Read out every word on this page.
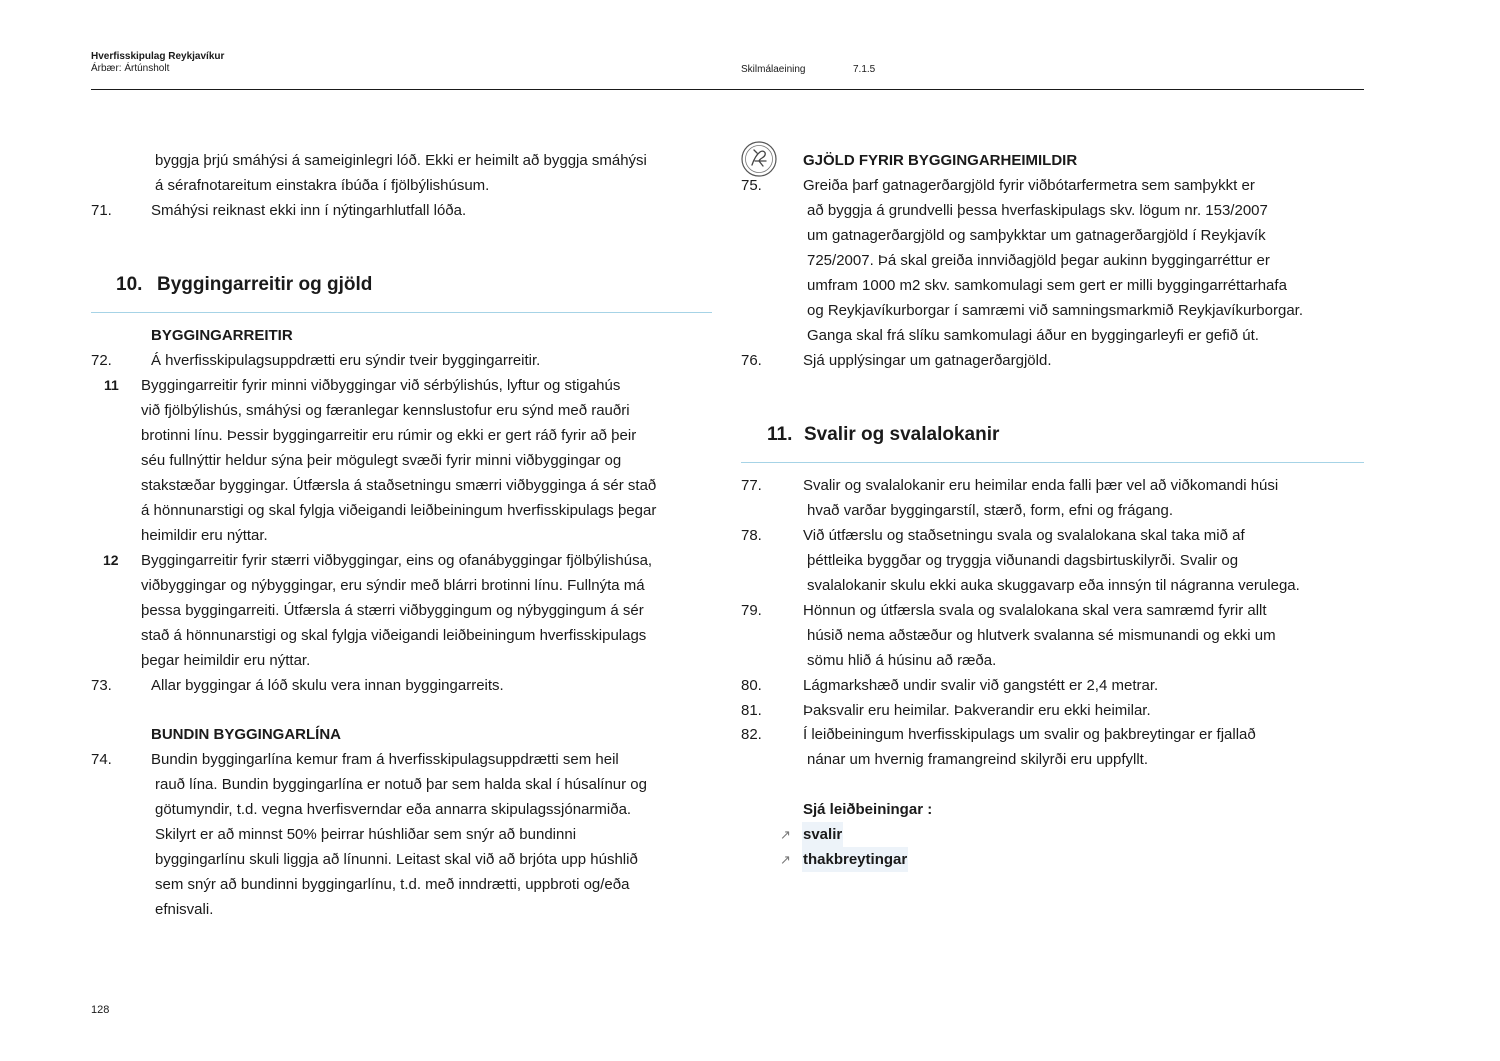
Hverfisskipulag Reykjavíkur
Árbær: Ártúnsholt	Skilmálaeining	7.1.5
byggja þrjú smáhýsi á sameiginlegri lóð. Ekki er heimilt að byggja smáhýsi
á sérafnotareitum einstakra íbúða í fjölbýlishúsum.
71.	Smáhýsi reiknast ekki inn í nýtingarhlutfall lóða.
10. Byggingarreitir og gjöld
BYGGINGARREITIR
72.	Á hverfisskipulagsuppdrætti eru sýndir tveir byggingarreitir.
11 Byggingarreitir fyrir minni viðbyggingar við sérbýlishús, lyftur og stigahús
við fjölbýlishús, smáhýsi og færanlegar kennslustofur eru sýnd með rauðri
brotinni línu. Þessir byggingarreitir eru rúmir og ekki er gert ráð fyrir að þeir
séu fullnýttir heldur sýna þeir mögulegt svæði fyrir minni viðbyggingar og
stakstæðar byggingar. Útfærsla á staðsetningu smærri viðbygginga á sér stað
á hönnunarstigi og skal fylgja viðeigandi leiðbeiningum hverfisskipulags þegar
heimildir eru nýttar.
12 Byggingarreitir fyrir stærri viðbyggingar, eins og ofanábyggingar fjölbýlishúsa,
viðbyggingar og nýbyggingar, eru sýndir með blárri brotinni línu. Fullnýta má
þessa byggingarreiti. Útfærsla á stærri viðbyggingum og nýbyggingum á sér
stað á hönnunarstigi og skal fylgja viðeigandi leiðbeiningum hverfisskipulags
þegar heimildir eru nýttar.
73.	Allar byggingar á lóð skulu vera innan byggingarreits.
BUNDIN BYGGINGARLÍNA
74.	Bundin byggingarlína kemur fram á hverfisskipulagsuppdrætti sem heil
rauð lína. Bundin byggingarlína er notuð þar sem halda skal í húsalínur og
götumyndir, t.d. vegna hverfisverndar eða annarra skipulagssjónarmiða.
Skilyrt er að minnst 50% þeirrar húshliðar sem snýr að bundinni
byggingarlínu skuli liggja að línunni. Leitast skal við að brjóta upp húshlið
sem snýr að bundinni byggingarlínu, t.d. með inndrætti, uppbroti og/eða
efnisvali.
GJÖLD FYRIR BYGGINGARHEIMILDIR
75.	Greiða þarf gatnagerðargjöld fyrir viðbótarfermetra sem samþykkt er
að byggja á grundvelli þessa hverfaskipulags skv. lögum nr. 153/2007
um gatnagerðargjöld og samþykktar um gatnagerðargjöld í Reykjavík
725/2007. Þá skal greiða innviðagjöld þegar aukinn byggingarréttur er
umfram 1000 m2 skv. samkomulagi sem gert er milli byggingarréttarhafa
og Reykjavíkurborgar í samræmi við samningsmarkmið Reykjavíkurborgar.
Ganga skal frá slíku samkomulagi áður en byggingarleyfi er gefið út.
76.	Sjá upplýsingar um gatnagerðargjöld.
11. Svalir og svalalokanir
77.	Svalir og svalalokanir eru heimilar enda falli þær vel að viðkomandi húsi
hvað varðar byggingarstíl, stærð, form, efni og frágang.
78.	Við útfærslu og staðsetningu svala og svalalokana skal taka mið af
þéttleika byggðar og tryggja viðunandi dagsbirtuskilyrði. Svalir og
svalalokanir skulu ekki auka skuggavarp eða innsýn til nágranna verulega.
79.	Hönnun og útfærsla svala og svalalokana skal vera samræmd fyrir allt
húsið nema aðstæður og hlutverk svalanna sé mismunandi og ekki um
sömu hlið á húsinu að ræða.
80.	Lágmarkshæð undir svalir við gangstétt er 2,4 metrar.
81.	Þaksvalir eru heimilar. Þakverandir eru ekki heimilar.
82.	Í leiðbeiningum hverfisskipulags um svalir og þakbreytingar er fjallað
nánar um hvernig framangreind skilyrði eru uppfyllt.
Sjá leiðbeiningar :
↗ svalir
↗ thakbreytingar
128
